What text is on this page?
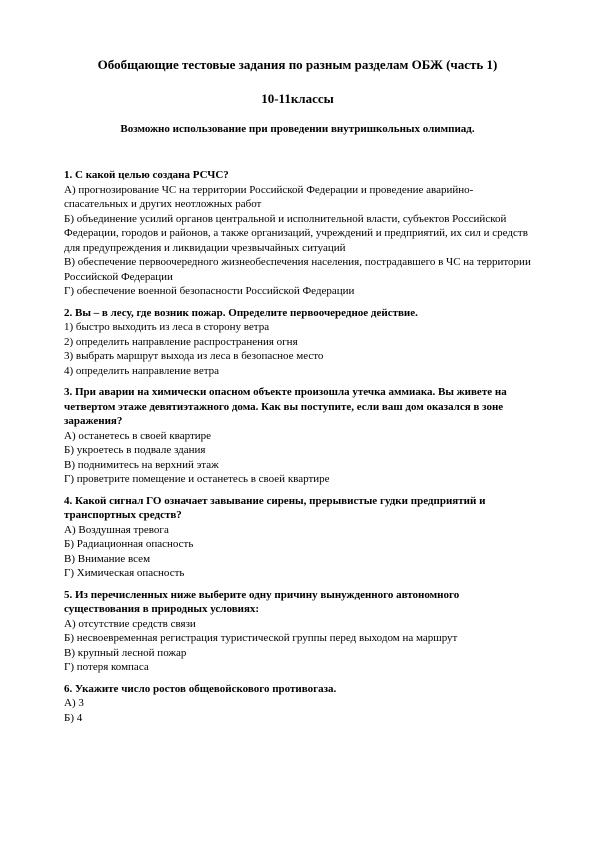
Обобщающие тестовые задания по разным разделам ОБЖ (часть 1)
10-11классы
Возможно использование при проведении внутришкольных олимпиад.
1. С какой целью создана РСЧС?
А) прогнозирование ЧС на территории Российской Федерации и проведение аварийно-спасательных и других неотложных работ
Б) объединение усилий органов центральной и исполнительной власти, субъектов Российской Федерации, городов и районов, а также организаций, учреждений и предприятий, их сил и средств для предупреждения и ликвидации чрезвычайных ситуаций
В) обеспечение первоочередного жизнеобеспечения населения, пострадавшего в ЧС на территории Российской Федерации
Г) обеспечение военной безопасности Российской Федерации
2. Вы – в лесу, где возник пожар. Определите первоочередное действие.
1) быстро выходить из леса в сторону ветра
2) определить направление распространения огня
3) выбрать маршрут выхода из леса в безопасное место
4) определить направление ветра
3. При аварии на химически опасном объекте произошла утечка аммиака. Вы живете на четвертом этаже девятиэтажного дома. Как вы поступите, если ваш дом оказался в зоне заражения?
А) останетесь в своей квартире
Б) укроетесь в подвале здания
В) поднимитесь на верхний этаж
Г) проветрите помещение и останетесь в своей квартире
4. Какой сигнал ГО означает завывание сирены, прерывистые гудки предприятий и транспортных средств?
А) Воздушная тревога
Б) Радиационная опасность
В) Внимание всем
Г) Химическая опасность
5. Из перечисленных ниже выберите одну причину вынужденного автономного существования в природных условиях:
А) отсутствие средств связи
Б) несвоевременная регистрация туристической группы перед выходом на маршрут
В) крупный лесной пожар
Г) потеря компаса
6. Укажите число ростов общевойскового противогаза.
А) 3
Б) 4
